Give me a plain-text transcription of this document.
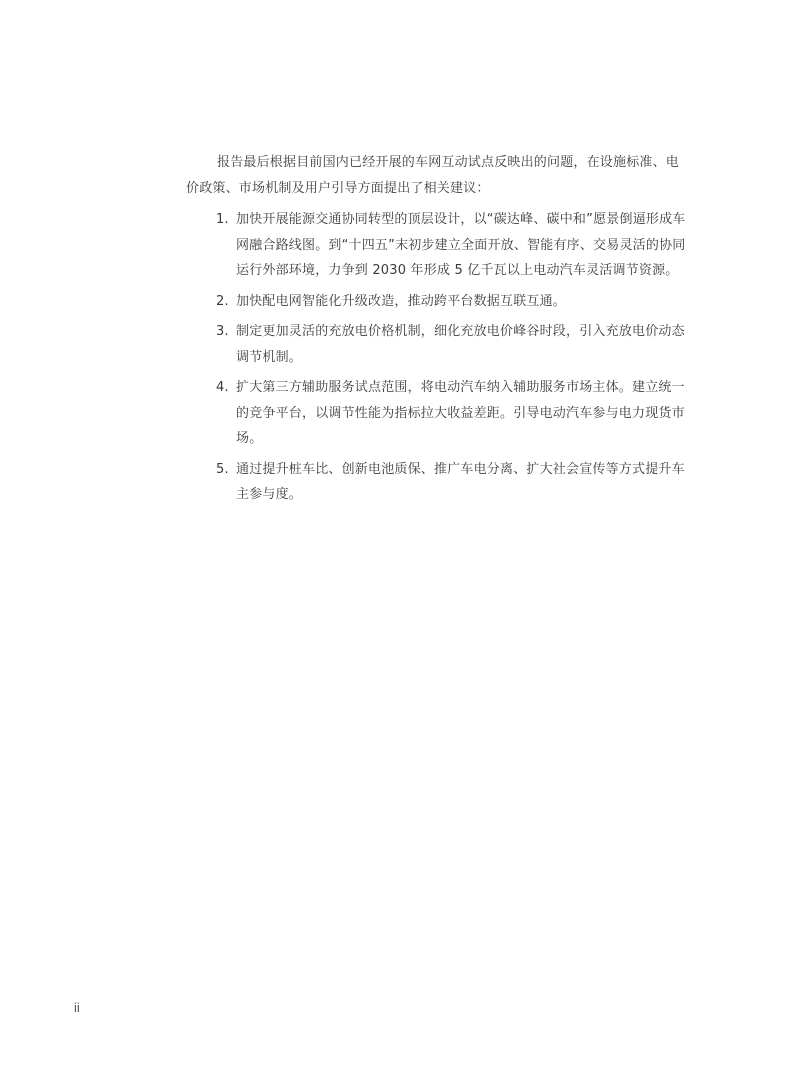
报告最后根据目前国内已经开展的车网互动试点反映出的问题，在设施标准、电价政策、市场机制及用户引导方面提出了相关建议：

1. 加快开展能源交通协同转型的顶层设计，以“碳达峰、碳中和”愿景倒逼形成车网融合路线图。到“十四五”末初步建立全面开放、智能有序、交易灵活的协同运行外部环境，力争到 2030 年形成 5 亿千瓦以上电动汽车灵活调节资源。
2. 加快配电网智能化升级改造，推动跨平台数据互联互通。
3. 制定更加灵活的充放电价格机制，细化充放电价峰谷时段，引入充放电价动态调节机制。
4. 扩大第三方辅助服务试点范围，将电动汽车纳入辅助服务市场主体。建立统一的竞争平台，以调节性能为指标拉大收益差距。引导电动汽车参与电力现货市场。
5. 通过提升桩车比、创新电池质保、推广车电分离、扩大社会宣传等方式提升车主参与度。
ii
